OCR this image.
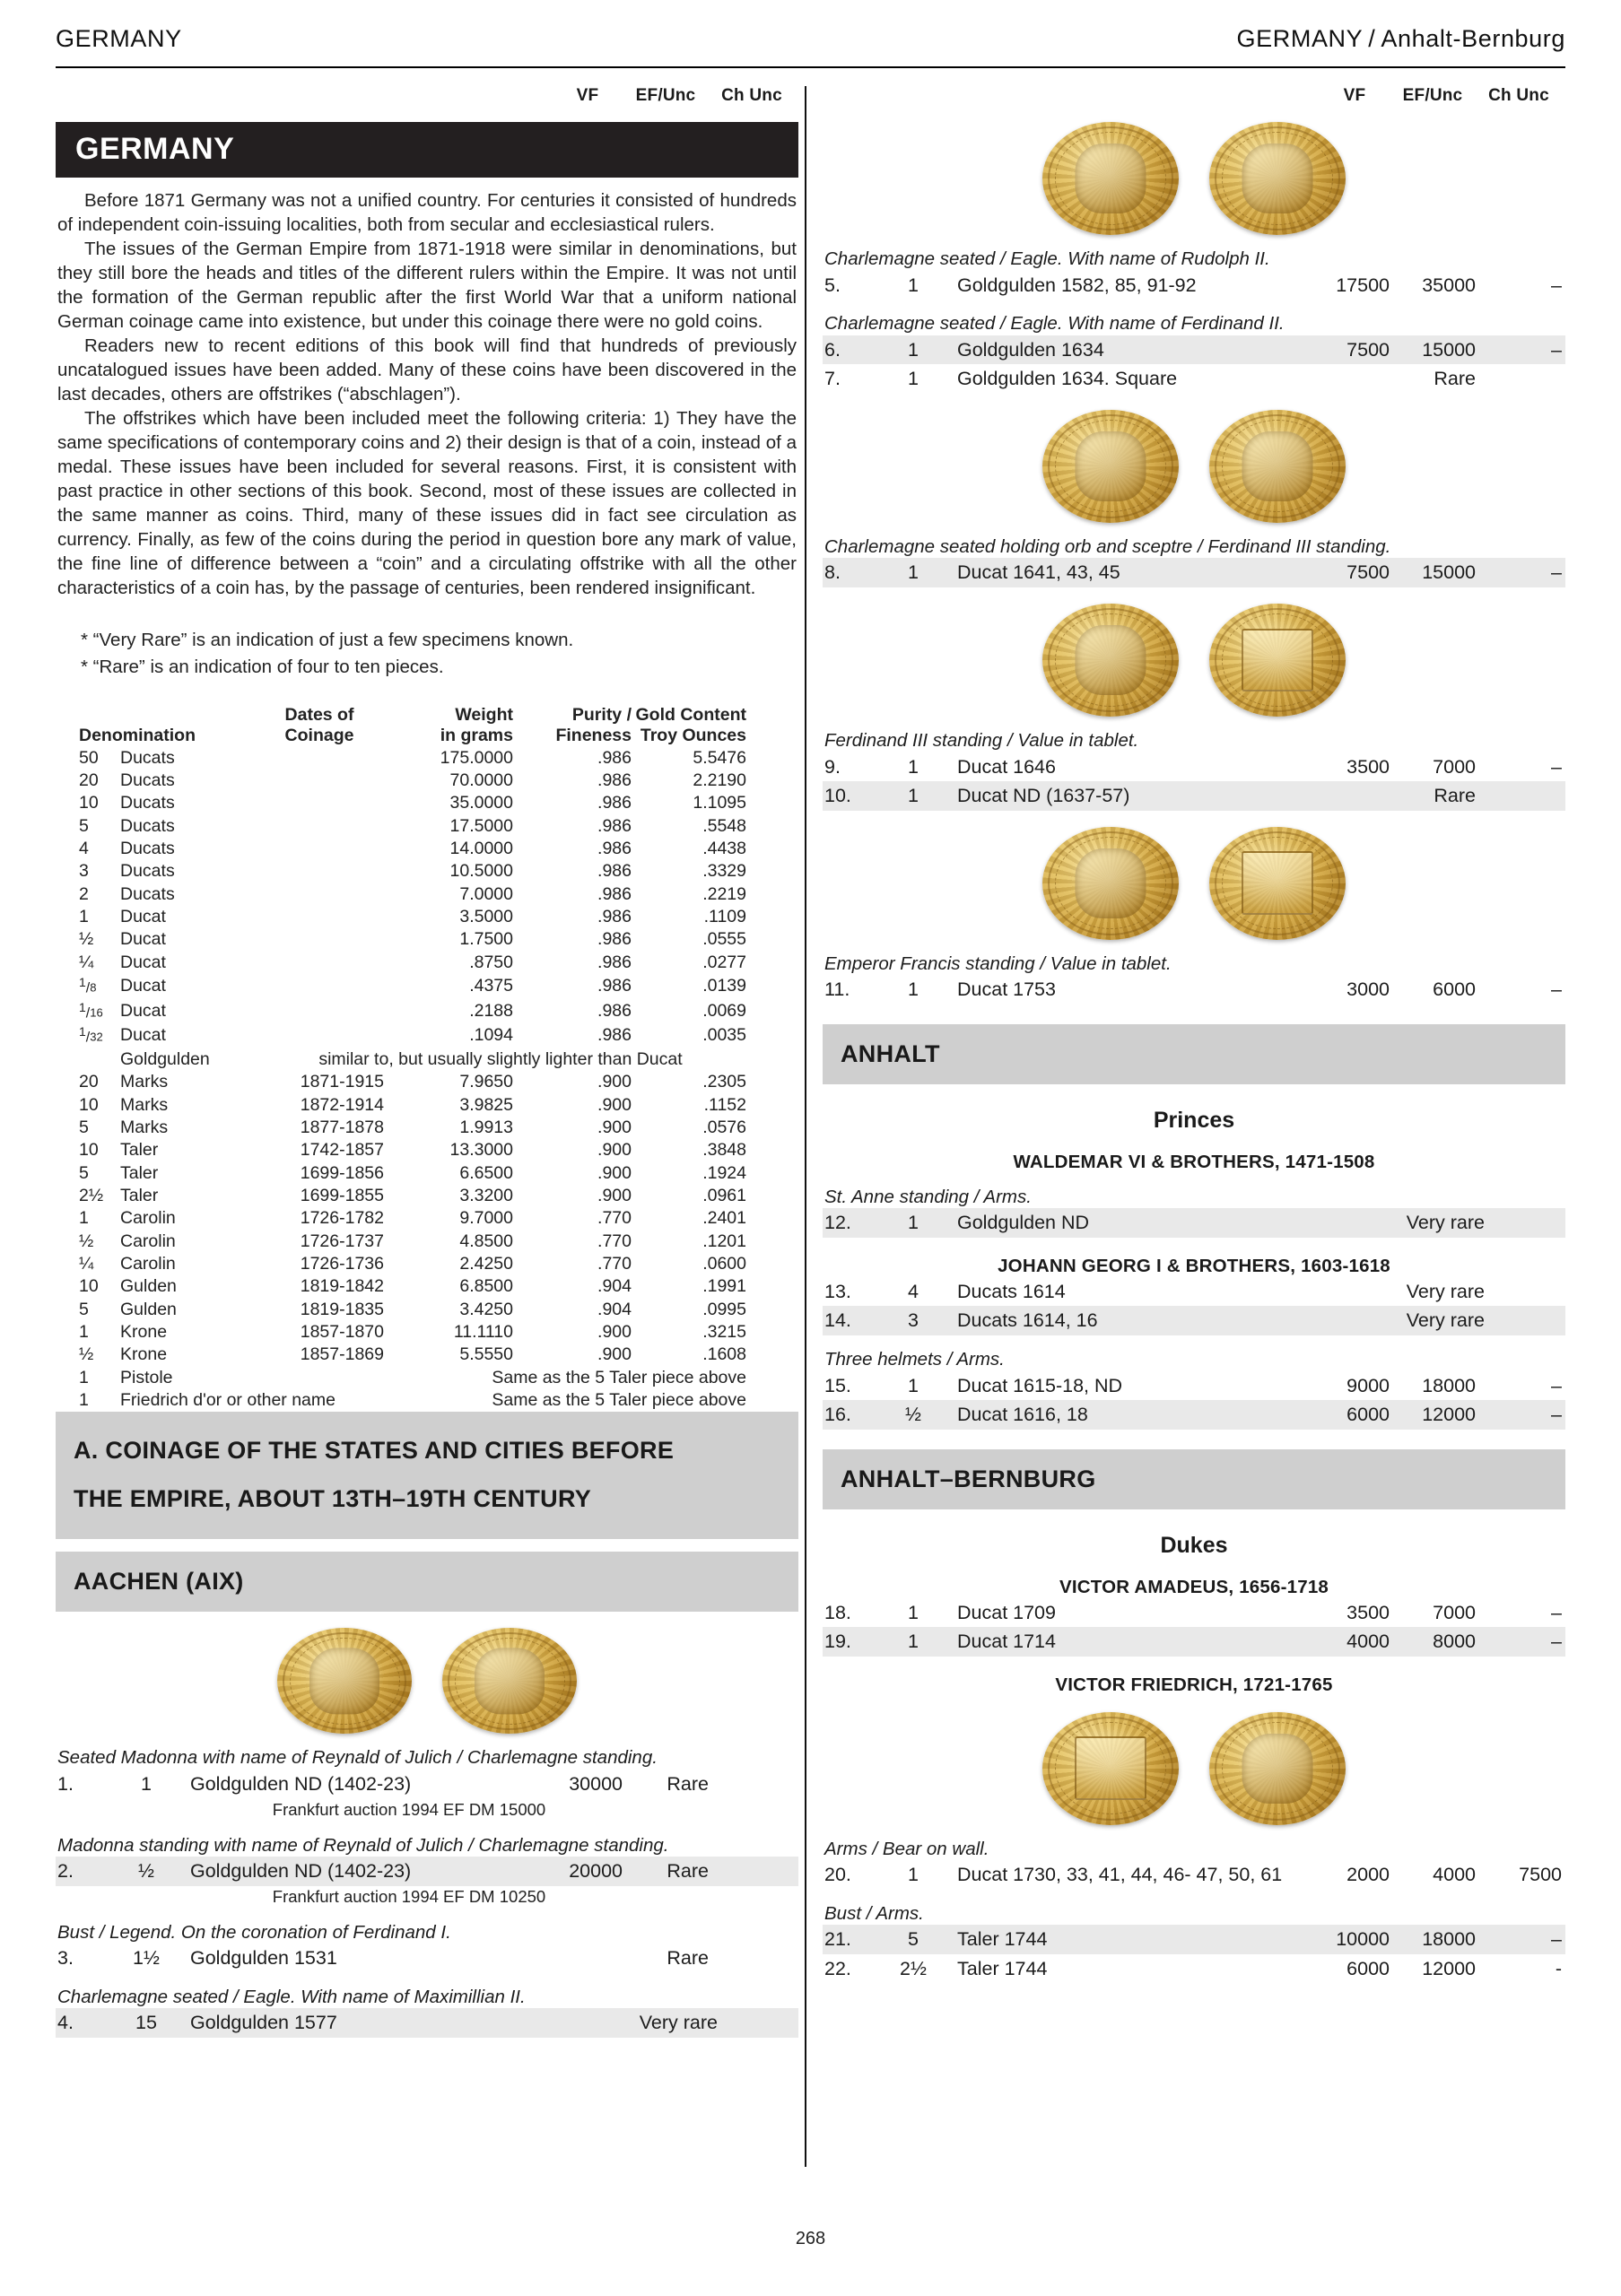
GERMANY	GERMANY / Anhalt-Bernburg
VF	EF/Unc	Ch Unc
GERMANY

Before 1871 Germany was not a unified country. For centuries it consisted of hundreds of independent coin-issuing localities, both from secular and ecclesiastical rulers.

The issues of the German Empire from 1871-1918 were similar in denominations, but they still bore the heads and titles of the different rulers within the Empire. It was not until the formation of the German republic after the first World War that a uniform national German coinage came into existence, but under this coinage there were no gold coins.

Readers new to recent editions of this book will find that hundreds of previously uncatalogued issues have been added. Many of these coins have been discovered in the last decades, others are offstrikes (“abschlagen”).

The offstrikes which have been included meet the following criteria: 1) They have the same specifications of contemporary coins and 2) their design is that of a coin, instead of a medal. These issues have been included for several reasons. First, it is consistent with past practice in other sections of this book. Second, most of these issues are collected in the same manner as coins. Third, many of these issues did in fact see circulation as currency. Finally, as few of the coins during the period in question bore any mark of value, the fine line of difference between a “coin” and a circulating offstrike with all the other characteristics of a coin has, by the passage of centuries, been rendered insignificant.

* “Very Rare” is an indication of just a few specimens known.
* “Rare” is an indication of four to ten pieces.
		Dates of	Weight	Purity /	Gold Content
Denomination		Coinage	in grams	Fineness	Troy Ounces
50	Ducats		175.0000	.986	5.5476
20	Ducats		70.0000	.986	2.2190
10	Ducats		35.0000	.986	1.1095
5	Ducats		17.5000	.986	.5548
4	Ducats		14.0000	.986	.4438
3	Ducats		10.5000	.986	.3329
2	Ducats		7.0000	.986	.2219
1	Ducat		3.5000	.986	.1109
½	Ducat		1.7500	.986	.0555
¼	Ducat		.8750	.986	.0277
$^1/_8$	Ducat		.4375	.986	.0139
$^1/_{16}$	Ducat		.2188	.986	.0069
$^1/_{32}$	Ducat		.1094	.986	.0035
	Goldgulden	similar to, but usually slightly lighter than Ducat			
20	Marks	1871-1915	7.9650	.900	.2305
10	Marks	1872-1914	3.9825	.900	.1152
5	Marks	1877-1878	1.9913	.900	.0576
10	Taler	1742-1857	13.3000	.900	.3848
5	Taler	1699-1856	6.6500	.900	.1924
2½	Taler	1699-1855	3.3200	.900	.0961
1	Carolin	1726-1782	9.7000	.770	.2401
½	Carolin	1726-1737	4.8500	.770	.1201
¼	Carolin	1726-1736	2.4250	.770	.0600
10	Gulden	1819-1842	6.8500	.904	.1991
5	Gulden	1819-1835	3.4250	.904	.0995
1	Krone	1857-1870	11.1110	.900	.3215
½	Krone	1857-1869	5.5550	.900	.1608
1	Pistole		Same as the 5 Taler piece above		
1	Friedrich d'or or other name		Same as the 5 Taler piece above		
A. COINAGE OF THE STATES AND CITIES BEFORE
THE EMPIRE, ABOUT 13TH–19TH CENTURY
AACHEN (AIX)
Seated Madonna with name of Reynald of Julich / Charlemagne standing.
1.	1	Goldgulden ND (1402-23)	30000	Rare
Frankfurt auction 1994 EF DM 15000
Madonna standing with name of Reynald of Julich / Charlemagne standing.
2.	½	Goldgulden ND (1402-23)	20000	Rare
Frankfurt auction 1994 EF DM 10250
Bust / Legend. On the coronation of Ferdinand I.
3.	1½	Goldgulden 1531	Rare
Charlemagne seated / Eagle. With name of Maximillian II.
4.	15	Goldgulden 1577	Very rare
VF	EF/Unc	Ch Unc
Charlemagne seated / Eagle. With name of Rudolph II.
5.	1	Goldgulden 1582, 85, 91-92	17500	35000	–
Charlemagne seated / Eagle. With name of Ferdinand II.
6.	1	Goldgulden 1634	7500	15000	–
7.	1	Goldgulden 1634. Square	Rare
Charlemagne seated holding orb and sceptre / Ferdinand III standing.
8.	1	Ducat 1641, 43, 45	7500	15000	–
Ferdinand III standing / Value in tablet.
9.	1	Ducat 1646	3500	7000	–
10.	1	Ducat ND (1637-57)	Rare
Emperor Francis standing / Value in tablet.
11.	1	Ducat 1753	3000	6000	–
ANHALT
Princes
WALDEMAR VI & BROTHERS, 1471-1508
St. Anne standing / Arms.
12.	1	Goldgulden ND	Very rare
JOHANN GEORG I & BROTHERS, 1603-1618
13.	4	Ducats 1614	Very rare
14.	3	Ducats 1614, 16	Very rare
Three helmets / Arms.
15.	1	Ducat 1615-18, ND	9000	18000	–
16.	½	Ducat 1616, 18	6000	12000	–
ANHALT–BERNBURG
Dukes
VICTOR AMADEUS, 1656-1718
18.	1	Ducat 1709	3500	7000	–
19.	1	Ducat 1714	4000	8000	–
VICTOR FRIEDRICH, 1721-1765
Arms / Bear on wall.
20.	1	Ducat 1730, 33, 41, 44, 46- 47, 50, 61	2000	4000	7500
Bust / Arms.
21.	5	Taler 1744	10000	18000	–
22.	2½	Taler 1744	6000	12000	-
268
